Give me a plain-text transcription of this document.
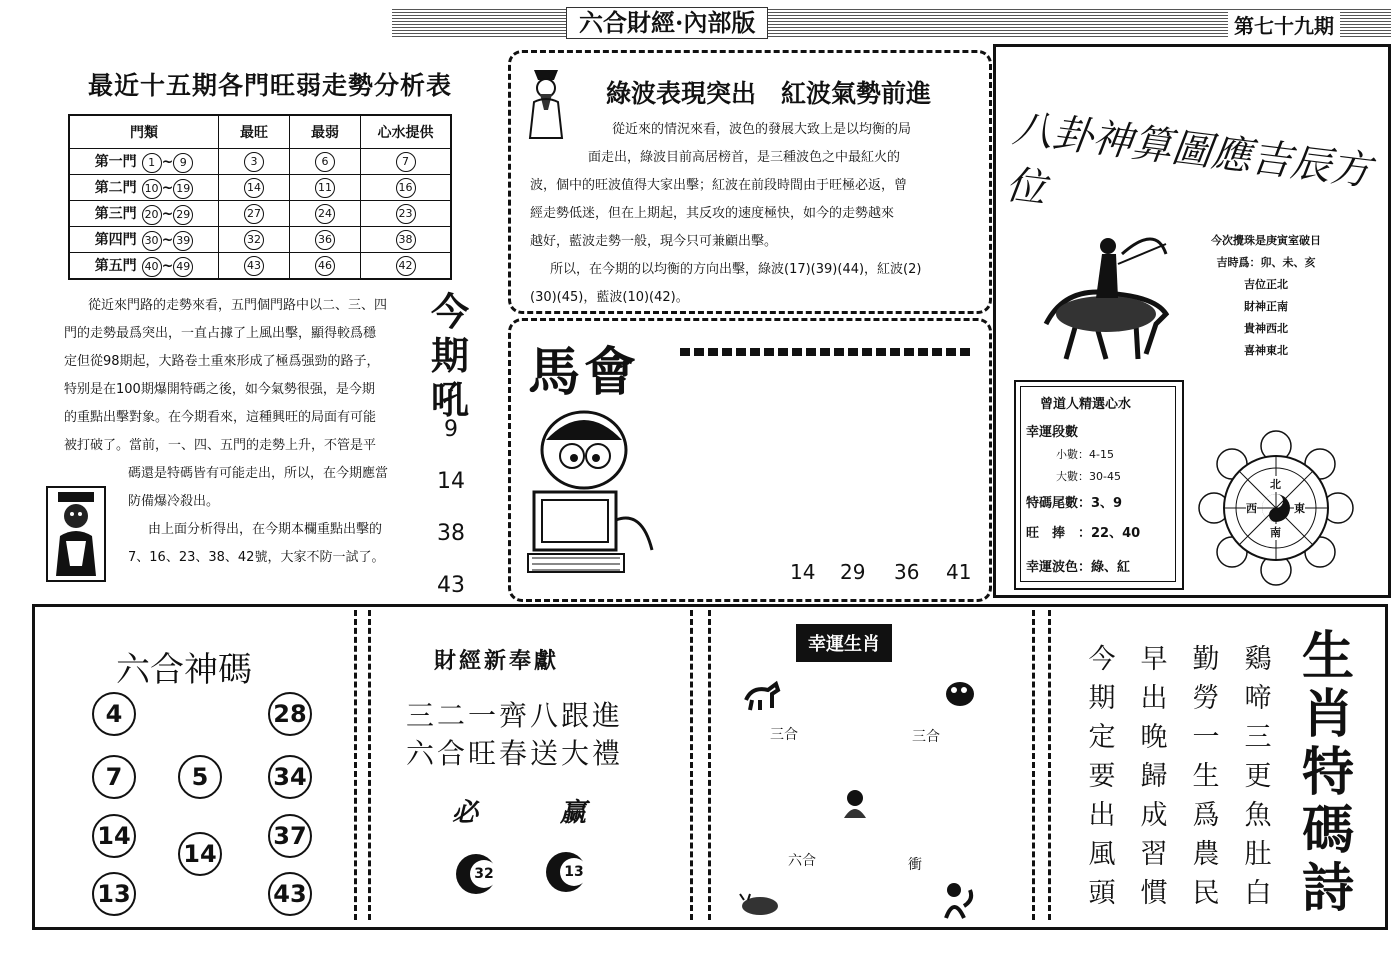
六合財經·內部版	第七十九期
最近十五期各門旺弱走勢分析表
門類	最旺	最弱	心水提供
第一門 1 ~ 9	3	6	7
第二門 10 ~ 19	14	11	16
第三門 20 ~ 29	27	24	23
第四門 30 ~ 39	32	36	38
第五門 40 ~ 49	43	46	42
從近來門路的走勢來看，五門個門路中以二、三、四
門的走勢最爲突出，一直占據了上風出擊，顯得較爲穩
定但從98期起，大路卷土重來形成了極爲强勁的路子，
特别是在100期爆開特碼之後，如今氣勢很强，是今期
的重點出擊對象。在今期看來，這種興旺的局面有可能
被打破了。當前，一、四、五門的走勢上升，不管是平
碼還是特碼皆有可能走出，所以，在今期應當
防備爆冷殺出。
由上面分析得出，在今期本欄重點出擊的
7、16、23、38、42號，大家不防一試了。
今期吼
9
14
38
43
綠波表現突出　紅波氣勢前進
從近來的情況來看，波色的發展大致上是以均衡的局
面走出，綠波目前高居榜首，是三種波色之中最紅火的
波，個中的旺波值得大家出擊；紅波在前段時間由于旺極必返，曾
經走勢低迷，但在上期起，其反攻的速度極快，如今的走勢越來
越好，藍波走勢一般，現今只可兼顧出擊。
所以，在今期的以均衡的方向出擊，綠波(17)(39)(44)，紅波(2)
(30)(45)，藍波(10)(42)。
馬會
14 29 36 41
八卦神算圖應吉辰方位
今次攪珠是庚寅室破日
吉時爲：卯、未、亥
吉位正北
財神正南
貴神西北
喜神東北
曾道人精選心水
幸運段數
小數：4-15
大數：30-45
特碼尾數：3、9
旺　捧　：22、40
幸運波色：綠、紅
北
南
東
西
六合神碼
4	28
7	5	34
14	37
14
13	43
財經新奉獻
三二一齊八跟進
六合旺春送大禮
必	赢
32	13
幸運生肖
三合	三合
六合	衝
今期定要出風頭
早出晚歸成習慣
勤勞一生爲農民
鷄啼三更魚肚白
生肖特碼詩
